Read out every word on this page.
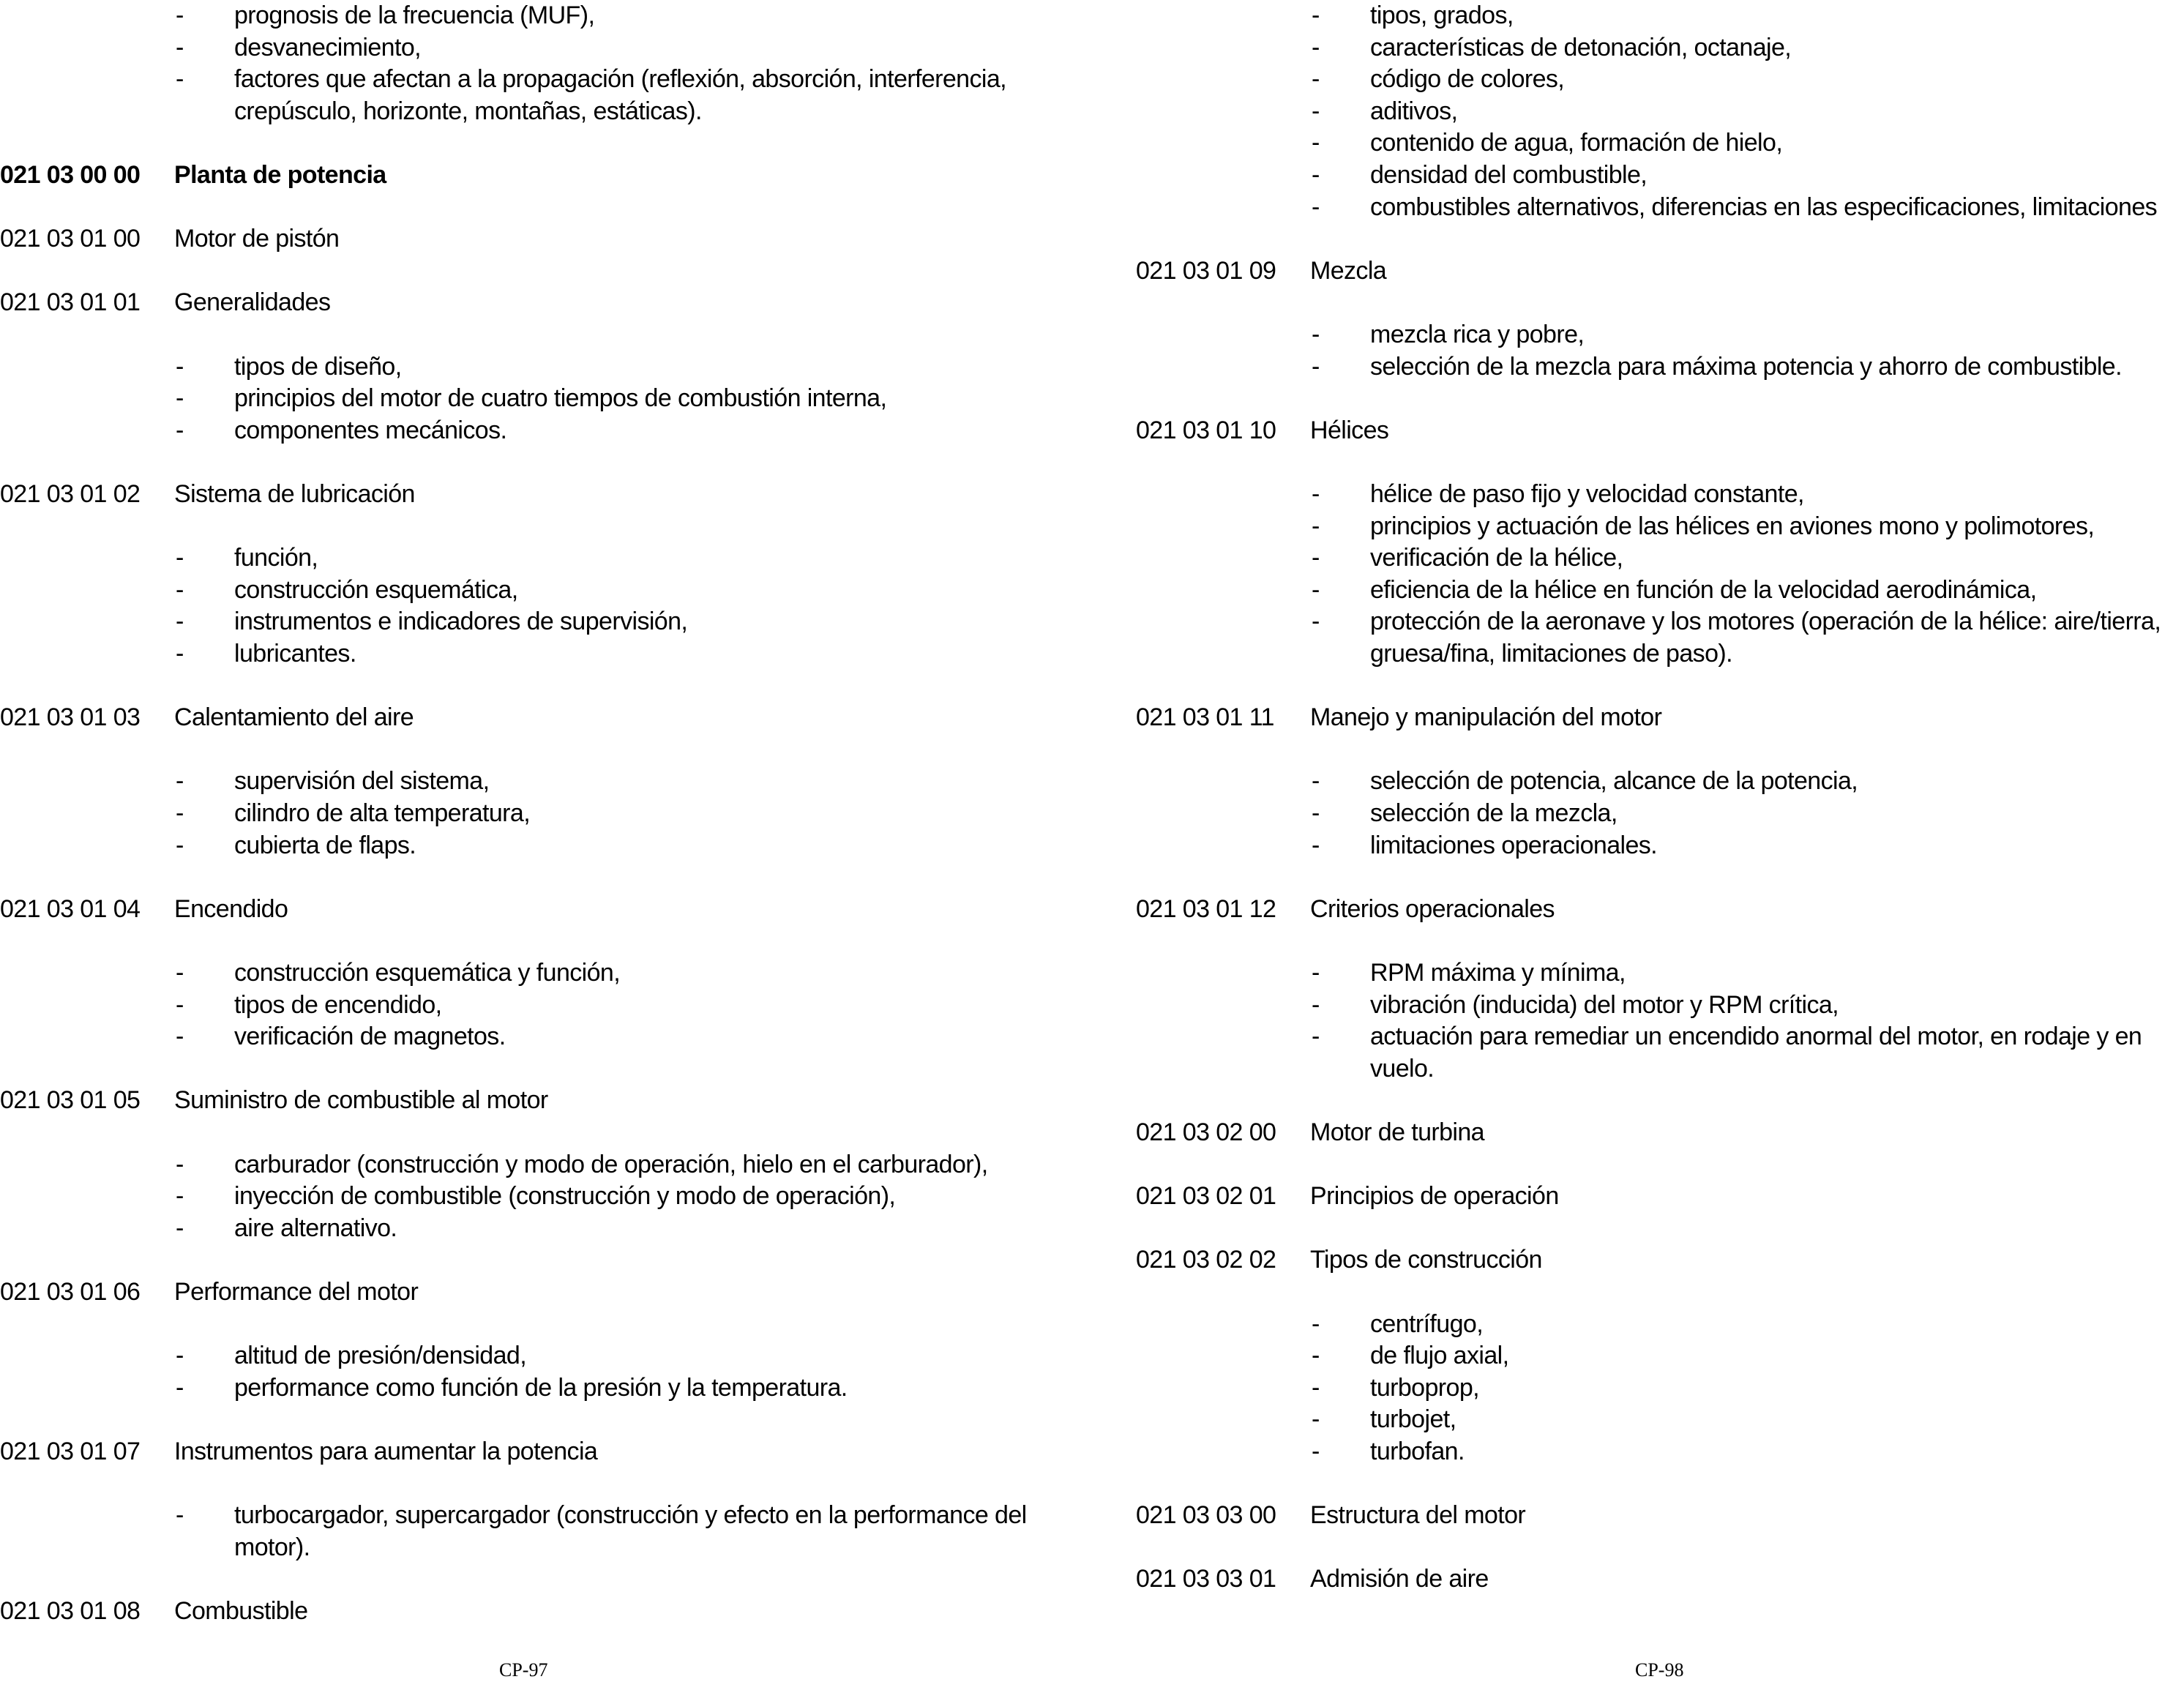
- prognosis de la frecuencia (MUF),
- desvanecimiento,
- factores que afectan a la propagación (reflexión, absorción, interferencia,
crepúsculo, horizonte, montañas, estáticas).
021 03 00 00 Planta de potencia
021 03 01 00 Motor de pistón
021 03 01 01 Generalidades
- tipos de diseño,
- principios del motor de cuatro tiempos de combustión interna,
- componentes mecánicos.
021 03 01 02 Sistema de lubricación
- función,
- construcción esquemática,
- instrumentos e indicadores de supervisión,
- lubricantes.
021 03 01 03 Calentamiento del aire
- supervisión del sistema,
- cilindro de alta temperatura,
- cubierta de flaps.
021 03 01 04 Encendido
- construcción esquemática y función,
- tipos de encendido,
- verificación de magnetos.
021 03 01 05 Suministro de combustible al motor
- carburador (construcción y modo de operación, hielo en el carburador),
- inyección de combustible (construcción y modo de operación),
- aire alternativo.
021 03 01 06 Performance del motor
- altitud de presión/densidad,
- performance como función de la presión y la temperatura.
021 03 01 07 Instrumentos para aumentar la potencia
- turbocargador, supercargador (construcción y efecto en la performance del
motor).
021 03 01 08 Combustible
- tipos, grados,
- características de detonación, octanaje,
- código de colores,
- aditivos,
- contenido de agua, formación de hielo,
- densidad del combustible,
- combustibles alternativos, diferencias en las especificaciones, limitaciones
021 03 01 09 Mezcla
- mezcla rica y pobre,
- selección de la mezcla para máxima potencia y ahorro de combustible.
021 03 01 10 Hélices
- hélice de paso fijo y velocidad constante,
- principios y actuación de las hélices en aviones mono y polimotores,
- verificación de la hélice,
- eficiencia de la hélice en función de la velocidad aerodinámica,
- protección de la aeronave y los motores (operación de la hélice: aire/tierra,
gruesa/fina, limitaciones de paso).
021 03 01 11 Manejo y manipulación del motor
- selección de potencia, alcance de la potencia,
- selección de la mezcla,
- limitaciones operacionales.
021 03 01 12 Criterios operacionales
- RPM máxima y mínima,
- vibración (inducida) del motor y RPM crítica,
- actuación para remediar un encendido anormal del motor, en rodaje y en
vuelo.
021 03 02 00 Motor de turbina
021 03 02 01 Principios de operación
021 03 02 02 Tipos de construcción
- centrífugo,
- de flujo axial,
- turboprop,
- turbojet,
- turbofan.
021 03 03 00 Estructura del motor
021 03 03 01 Admisión de aire
CP-97	CP-98
